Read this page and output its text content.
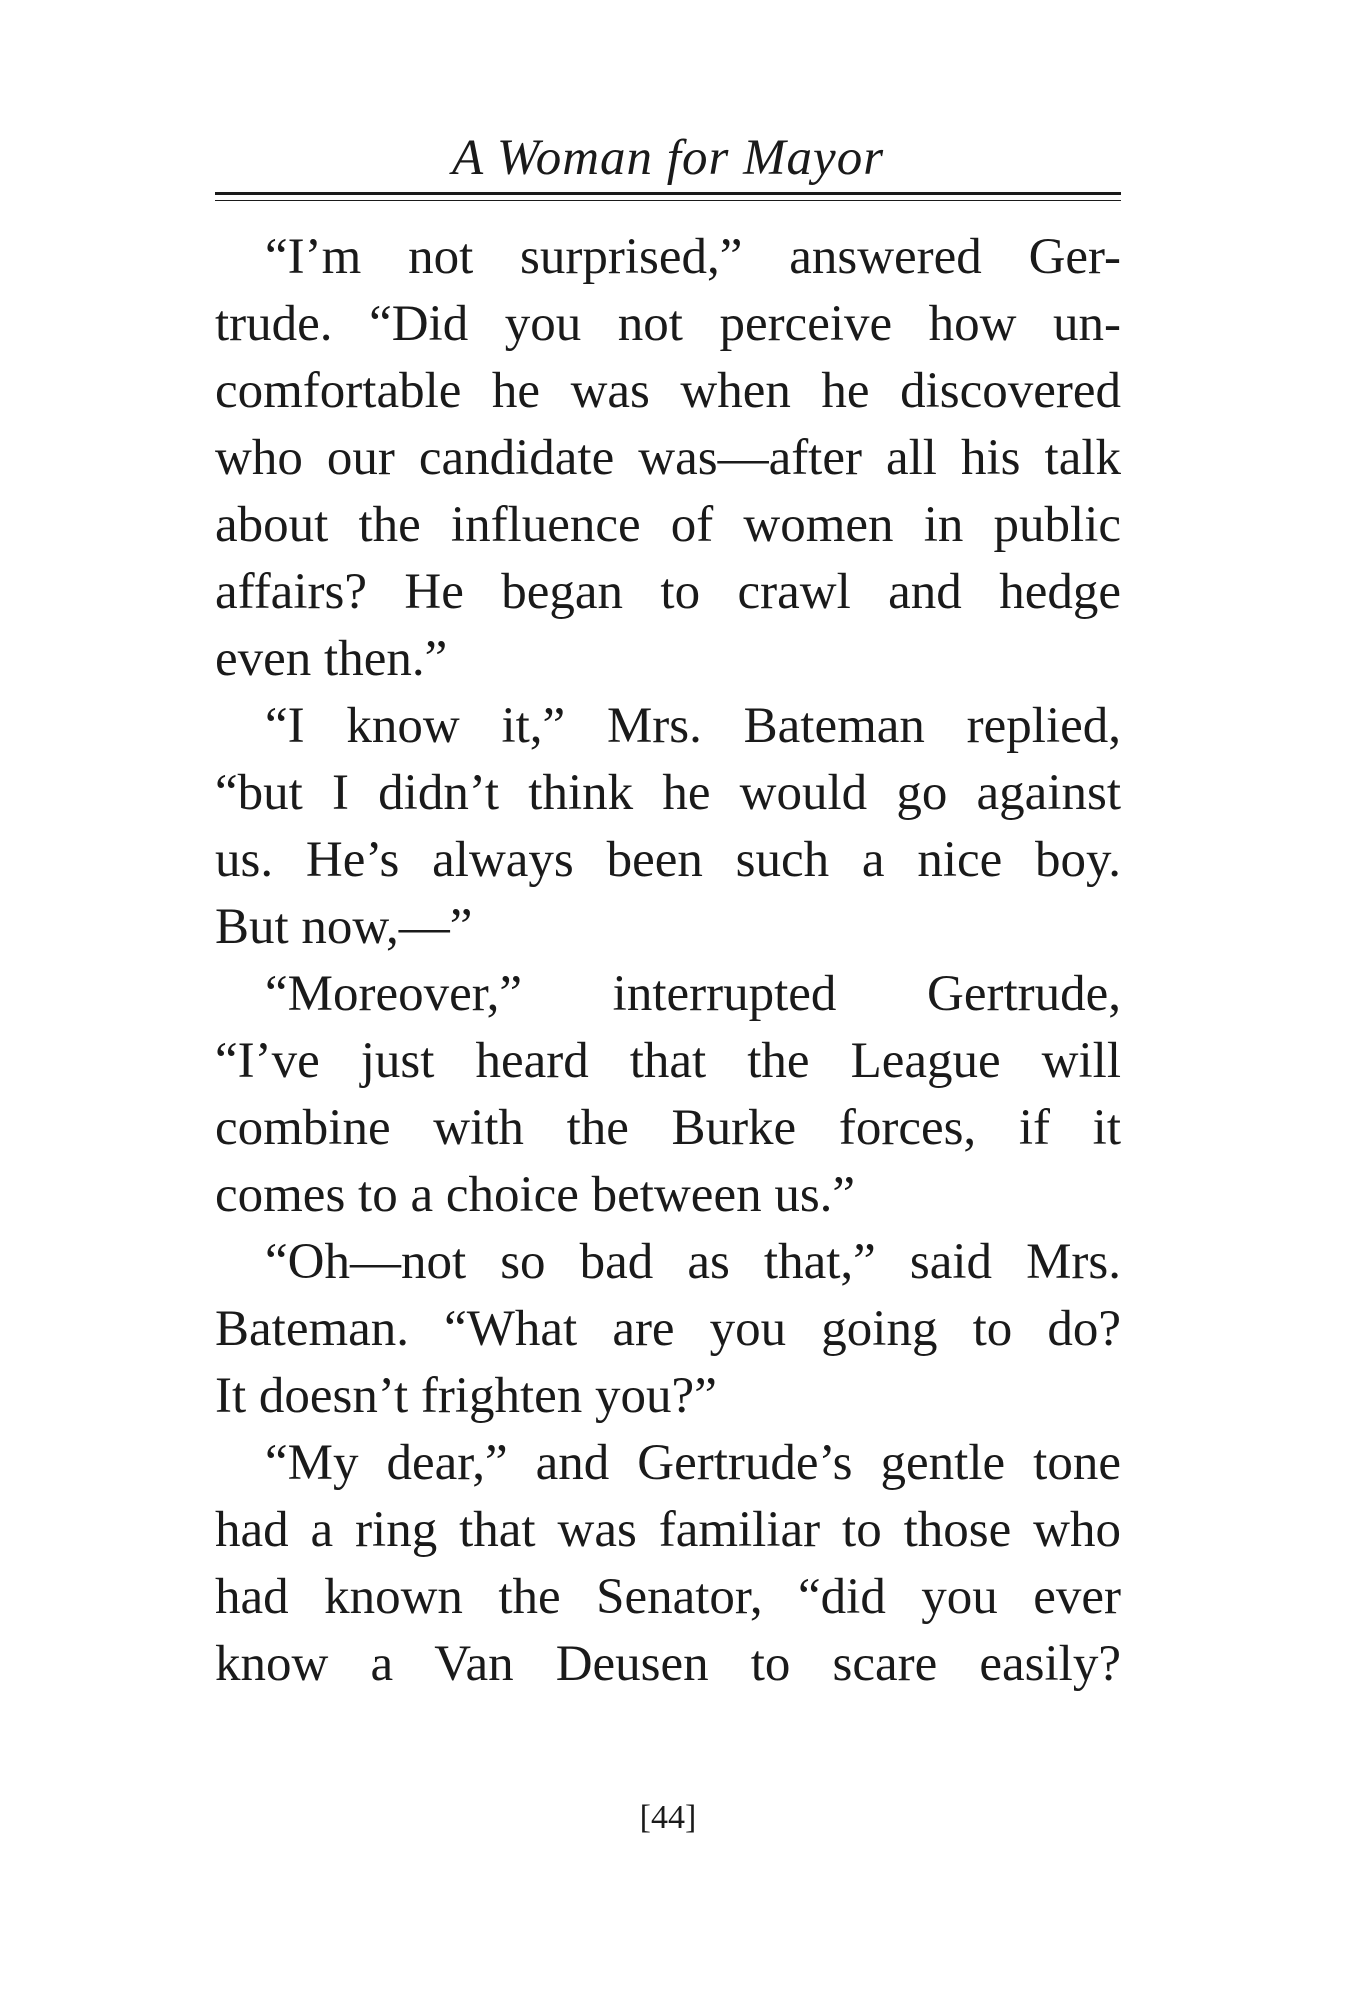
A Woman for Mayor
“I’m not surprised,” answered Ger-
trude. “Did you not perceive how un-
comfortable he was when he discovered
who our candidate was—after all his talk
about the influence of women in public
affairs? He began to crawl and hedge
even then.”
“I know it,” Mrs. Bateman replied,
“but I didn’t think he would go against
us. He’s always been such a nice boy.
But now,—”
“Moreover,” interrupted Gertrude,
“I’ve just heard that the League will
combine with the Burke forces, if it
comes to a choice between us.”
“Oh—not so bad as that,” said Mrs.
Bateman. “What are you going to do?
It doesn’t frighten you?”
“My dear,” and Gertrude’s gentle tone
had a ring that was familiar to those who
had known the Senator, “did you ever
know a Van Deusen to scare easily?
[44]
